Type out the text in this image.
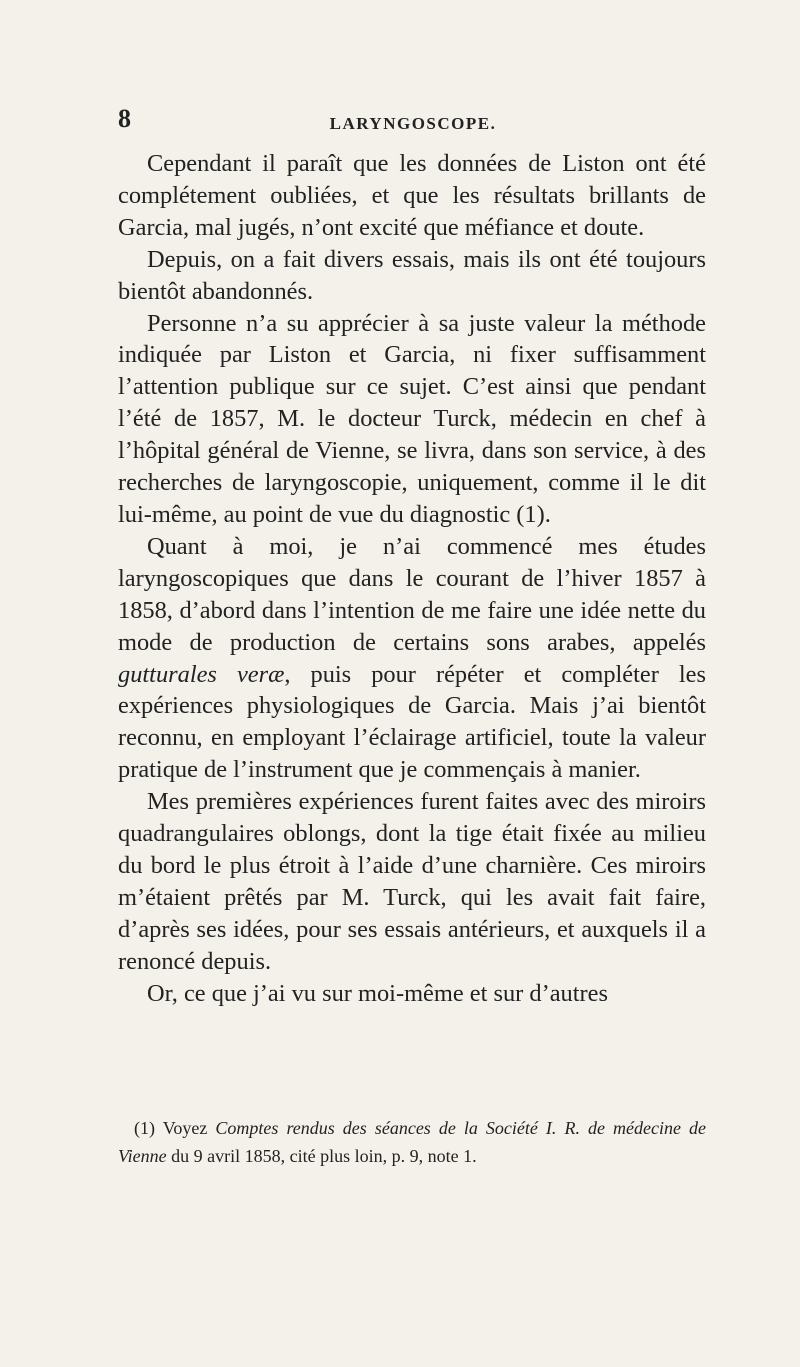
8	LARYNGOSCOPE.

Cependant il paraît que les données de Liston ont été complétement oubliées, et que les résultats brillants de Garcia, mal jugés, n’ont excité que méfiance et doute.

Depuis, on a fait divers essais, mais ils ont été toujours bientôt abandonnés.

Personne n’a su apprécier à sa juste valeur la méthode indiquée par Liston et Garcia, ni fixer suffisamment l’attention publique sur ce sujet. C’est ainsi que pendant l’été de 1857, M. le docteur Turck, médecin en chef à l’hôpital général de Vienne, se livra, dans son service, à des recherches de laryngoscopie, uniquement, comme il le dit lui-même, au point de vue du diagnostic (1).

Quant à moi, je n’ai commencé mes études laryngoscopiques que dans le courant de l’hiver 1857 à 1858, d’abord dans l’intention de me faire une idée nette du mode de production de certains sons arabes, appelés gutturales veræ, puis pour répéter et compléter les expériences physiologiques de Garcia. Mais j’ai bientôt reconnu, en employant l’éclairage artificiel, toute la valeur pratique de l’instrument que je commençais à manier.

Mes premières expériences furent faites avec des miroirs quadrangulaires oblongs, dont la tige était fixée au milieu du bord le plus étroit à l’aide d’une charnière. Ces miroirs m’étaient prêtés par M. Turck, qui les avait fait faire, d’après ses idées, pour ses essais antérieurs, et auxquels il a renoncé depuis.

Or, ce que j’ai vu sur moi-même et sur d’autres

(1) Voyez Comptes rendus des séances de la Société I. R. de médecine de Vienne du 9 avril 1858, cité plus loin, p. 9, note 1.
